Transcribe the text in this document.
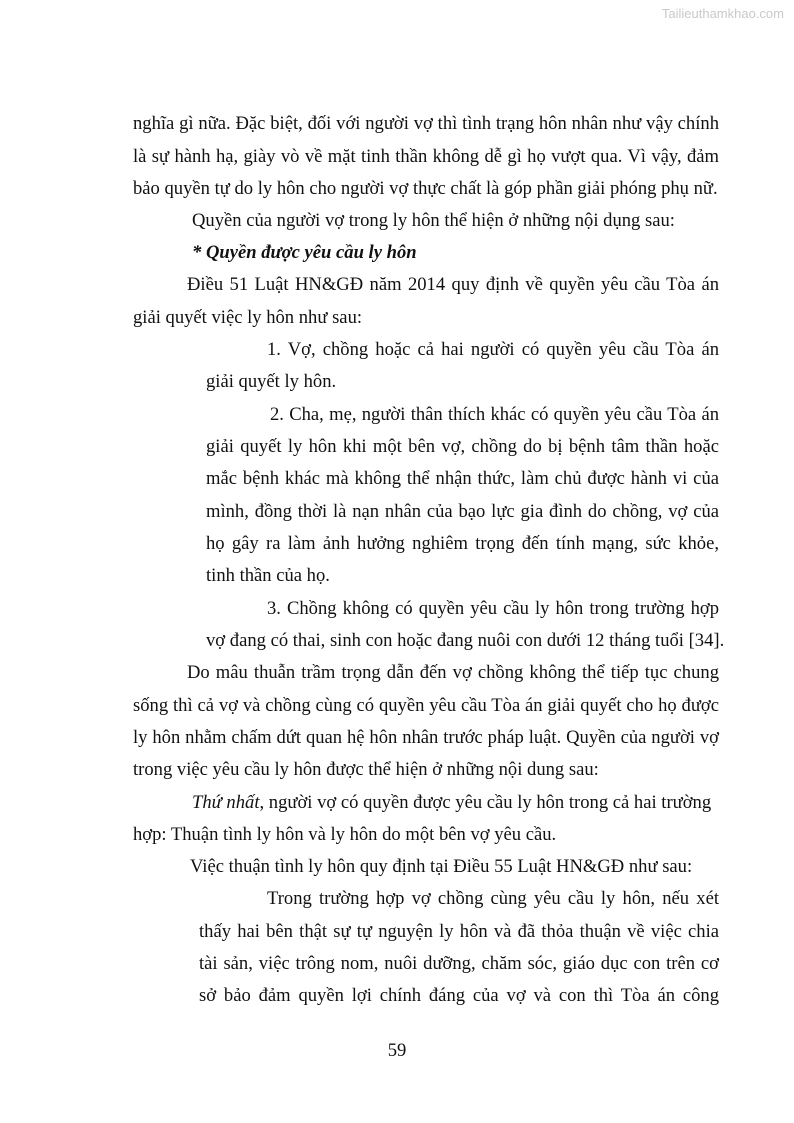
Tailieuthamkhao.com
nghĩa gì nữa. Đặc biệt, đối với người vợ thì tình trạng hôn nhân như vậy chính
là sự hành hạ, giày vò về mặt tinh thần không dễ gì họ vượt qua. Vì vậy, đảm
bảo quyền tự do ly hôn cho người vợ thực chất là góp phần giải phóng phụ nữ.
Quyền của người vợ trong ly hôn thể hiện ở những nội dụng sau:
* Quyền được yêu cầu ly hôn
Điều 51 Luật HN&GĐ năm 2014 quy định về quyền yêu cầu Tòa án
giải quyết việc ly hôn như sau:
1. Vợ, chồng hoặc cả hai người có quyền yêu cầu Tòa án
giải quyết ly hôn.
2. Cha, mẹ, người thân thích khác có quyền yêu cầu Tòa án
giải quyết ly hôn khi một bên vợ, chồng do bị bệnh tâm thần hoặc
mắc bệnh khác mà không thể nhận thức, làm chủ được hành vi của
mình, đồng thời là nạn nhân của bạo lực gia đình do chồng, vợ của
họ gây ra làm ảnh hưởng nghiêm trọng đến tính mạng, sức khỏe,
tinh thần của họ.
3. Chồng không có quyền yêu cầu ly hôn trong trường hợp
vợ đang có thai, sinh con hoặc đang nuôi con dưới 12 tháng tuổi [34].
Do mâu thuẫn trầm trọng dẫn đến vợ chồng không thể tiếp tục chung
sống thì cả vợ và chồng cùng có quyền yêu cầu Tòa án giải quyết cho họ được
ly hôn nhằm chấm dứt quan hệ hôn nhân trước pháp luật. Quyền của người vợ
trong việc yêu cầu ly hôn được thể hiện ở những nội dung sau:
Thứ nhất, người vợ có quyền được yêu cầu ly hôn trong cả hai trường
hợp: Thuận tình ly hôn và ly hôn do một bên vợ yêu cầu.
Việc thuận tình ly hôn quy định tại Điều 55 Luật HN&GĐ như sau:
Trong trường hợp vợ chồng cùng yêu cầu ly hôn, nếu xét
thấy hai bên thật sự tự nguyện ly hôn và đã thỏa thuận về việc chia
tài sản, việc trông nom, nuôi dưỡng, chăm sóc, giáo dục con trên cơ
sở bảo đảm quyền lợi chính đáng của vợ và con thì Tòa án công
59
